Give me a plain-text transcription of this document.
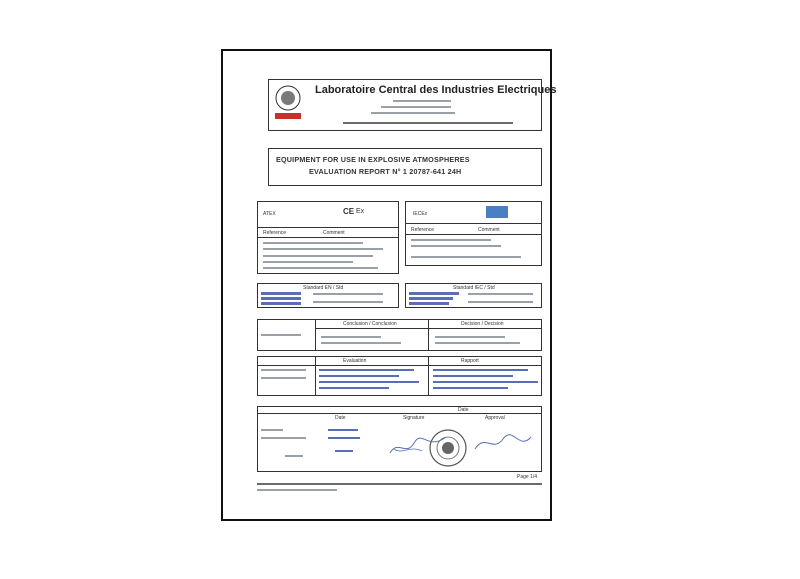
Laboratoire Central des Industries Electriques
EQUIPMENT FOR USE IN EXPLOSIVE ATMOSPHERES
EVALUATION REPORT N° 1 20787-641 24H
ATEX	CE Ex
Reference	Comment
IECEx
Reference	Comment
Standard EN / Std	Standard IEC / Std
Conclusion / Conclusion	Decision / Decision
Evaluation	Rapport
Date
Date	Signature	Approval
Page 1/4
